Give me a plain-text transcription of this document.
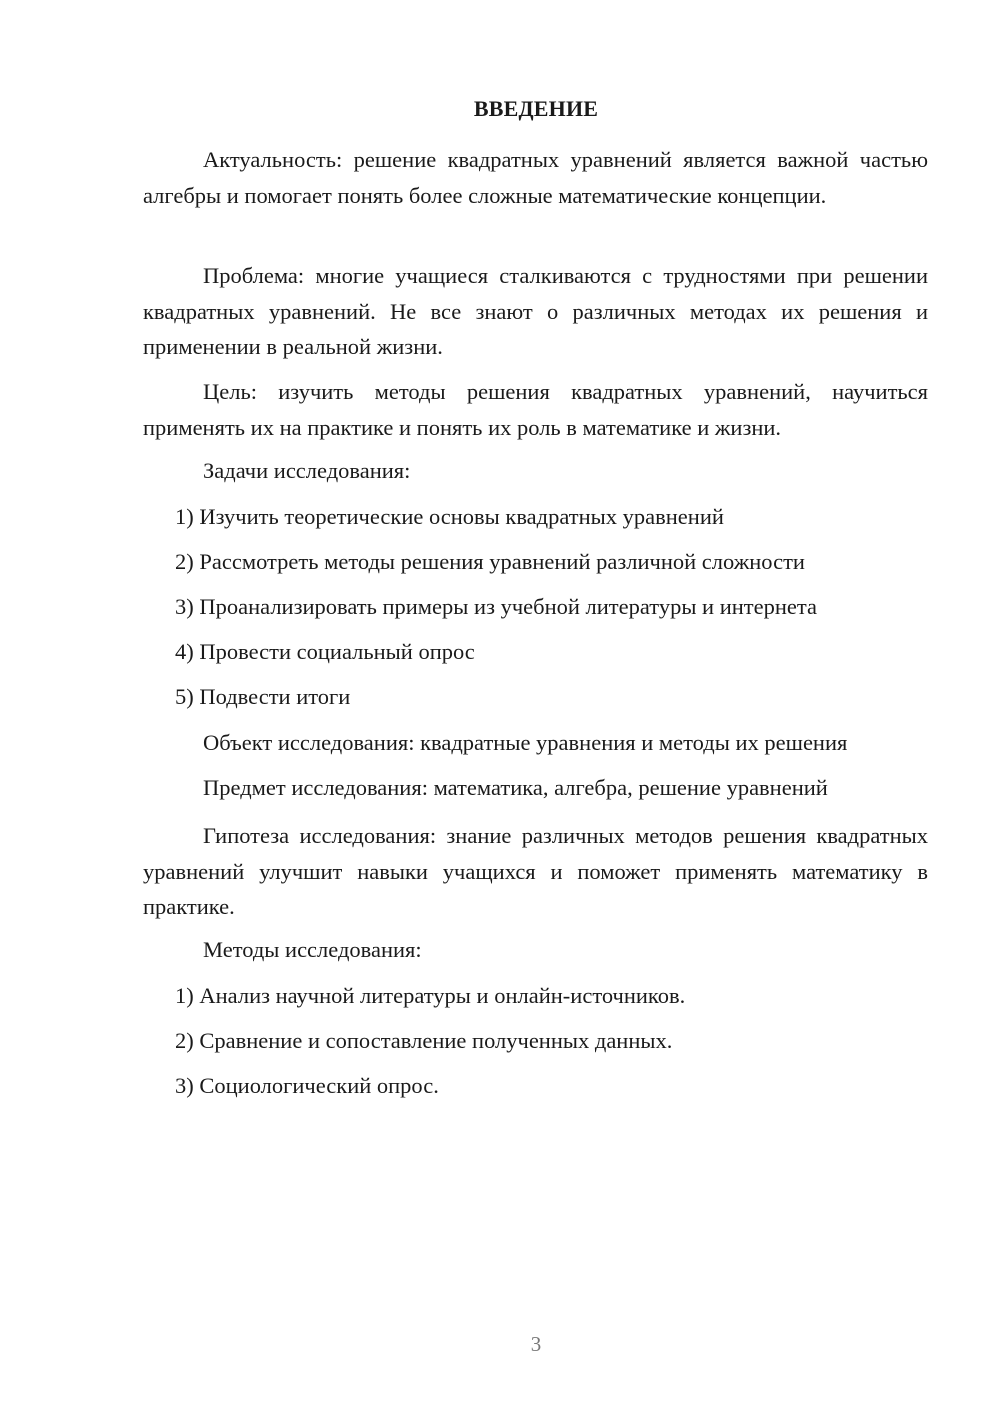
ВВЕДЕНИЕ
Актуальность: решение квадратных уравнений является важной частью алгебры и помогает понять более сложные математические концепции.
Проблема: многие учащиеся сталкиваются с трудностями при решении квадратных уравнений. Не все знают о различных методах их решения и применении в реальной жизни.
Цель: изучить методы решения квадратных уравнений, научиться применять их на практике и понять их роль в математике и жизни.
Задачи исследования:
1) Изучить теоретические основы квадратных уравнений
2) Рассмотреть методы решения уравнений различной сложности
3) Проанализировать примеры из учебной литературы и интернета
4) Провести социальный опрос
5) Подвести итоги
Объект исследования: квадратные уравнения и методы их решения
Предмет исследования: математика, алгебра, решение уравнений
Гипотеза исследования: знание различных методов решения квадратных уравнений улучшит навыки учащихся и поможет применять математику в практике.
Методы исследования:
1) Анализ научной литературы и онлайн-источников.
2) Сравнение и сопоставление полученных данных.
3) Социологический опрос.
3
